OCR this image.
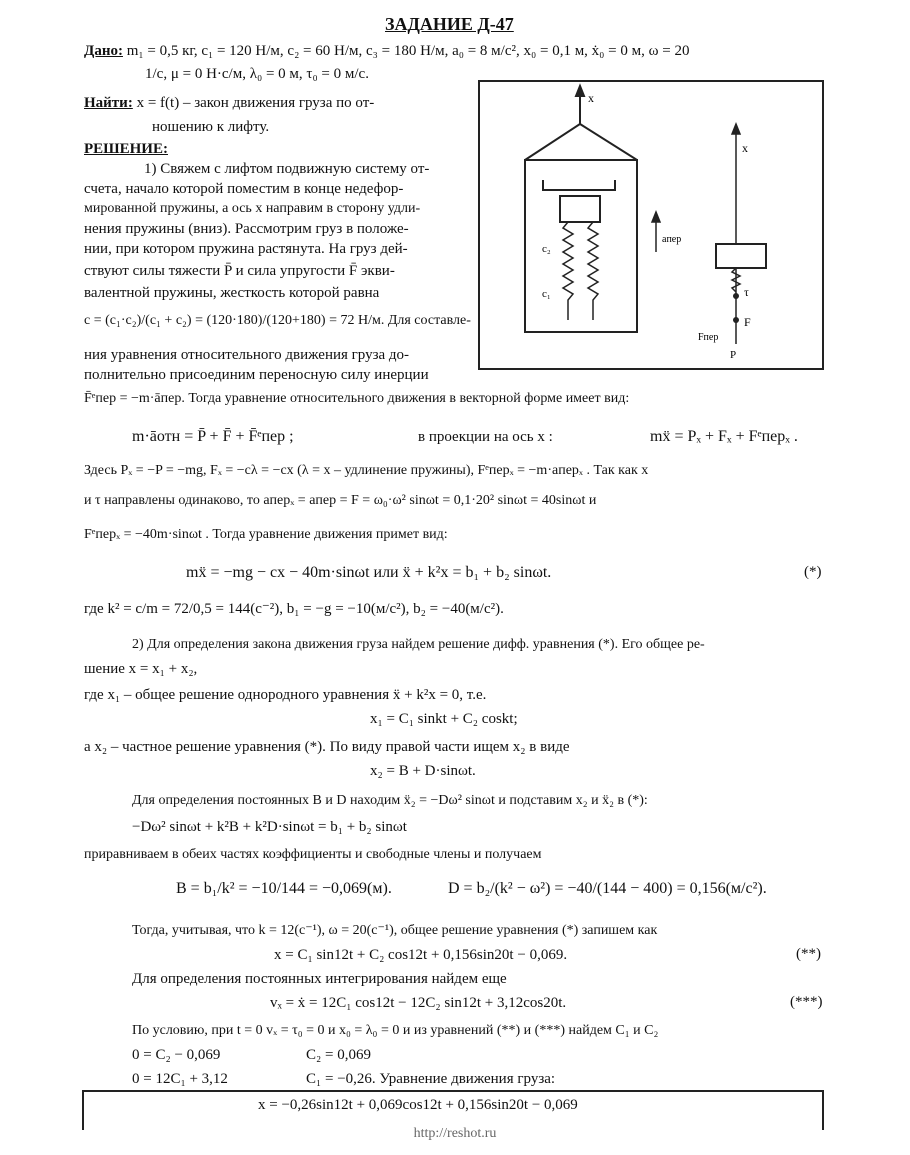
ЗАДАНИЕ Д-47
Дано: m₁ = 0,5 кг, c₁ = 120 Н/м, c₂ = 60 Н/м, c₃ = 180 Н/м, a₀ = 8 м/с², x₀ = 0,1 м, ẋ₀ = 0 м, ω = 20
1/с, μ = 0 Н·с/м, λ₀ = 0 м, τ₀ = 0 м/с.
Найти: x = f(t) – закон движения груза по от-
ношению к лифту.
РЕШЕНИЕ:
1) Свяжем с лифтом подвижную систему от-
счета, начало которой поместим в конце недефор-
мированной пружины, а ось x направим в сторону удли-
нения пружины (вниз). Рассмотрим груз в положе-
нии, при котором пружина растянута. На груз дей-
ствуют силы тяжести P̄ и сила упругости F̄ экви-
валентной пружины, жесткость которой равна
c = (c₁·c₂)/(c₁ + c₂) = (120·180)/(120+180) = 72 Н/м. Для составле-
ния уравнения относительного движения груза до-
полнительно присоединим переносную силу инерции
F̄ᵉпер = −m·āпер. Тогда уравнение относительного движения в векторной форме имеет вид:
x
c₂
c₁
aпер
x
τ
F
P
Fпер
m·āотн = P̄ + F̄ + F̄ᵉпер ;	в проекции на ось x :	mẍ = Pₓ + Fₓ + Fᵉперₓ .
Здесь Pₓ = −P = −mg, Fₓ = −cλ = −cx (λ = x – удлинение пружины), Fᵉперₓ = −m·aперₓ . Так как x
и τ направлены одинаково, то aперₓ = aпер = F = ω₀·ω² sinωt = 0,1·20² sinωt = 40sinωt и
Fᵉперₓ = −40m·sinωt . Тогда уравнение движения примет вид:
mẍ = −mg − cx − 40m·sinωt или ẍ + k²x = b₁ + b₂ sinωt.	(*)
где k² = c/m = 72/0,5 = 144(с⁻²), b₁ = −g = −10(м/с²), b₂ = −40(м/с²).
2) Для определения закона движения груза найдем решение дифф. уравнения (*). Его общее ре-
шение x = x₁ + x₂,
где x₁ – общее решение однородного уравнения ẍ + k²x = 0, т.е.
x₁ = C₁ sinkt + C₂ coskt;
а x₂ – частное решение уравнения (*). По виду правой части ищем x₂ в виде
x₂ = B + D·sinωt.
Для определения постоянных B и D находим ẍ₂ = −Dω² sinωt и подставим x₂ и ẍ₂ в (*):
−Dω² sinωt + k²B + k²D·sinωt = b₁ + b₂ sinωt
приравниваем в обеих частях коэффициенты и свободные члены и получаем
B = b₁/k² = −10/144 = −0,069(м).	D = b₂/(k² − ω²) = −40/(144 − 400) = 0,156(м/с²).
Тогда, учитывая, что k = 12(с⁻¹), ω = 20(с⁻¹), общее решение уравнения (*) запишем как
x = C₁ sin12t + C₂ cos12t + 0,156sin20t − 0,069.	(**)
Для определения постоянных интегрирования найдем еще
vₓ = ẋ = 12C₁ cos12t − 12C₂ sin12t + 3,12cos20t.	(***)
По условию, при t = 0 vₓ = τ₀ = 0 и x₀ = λ₀ = 0 и из уравнений (**) и (***) найдем C₁ и C₂
0 = C₂ − 0,069	C₂ = 0,069
0 = 12C₁ + 3,12	C₁ = −0,26. Уравнение движения груза:
x = −0,26sin12t + 0,069cos12t + 0,156sin20t − 0,069
http://reshot.ru
